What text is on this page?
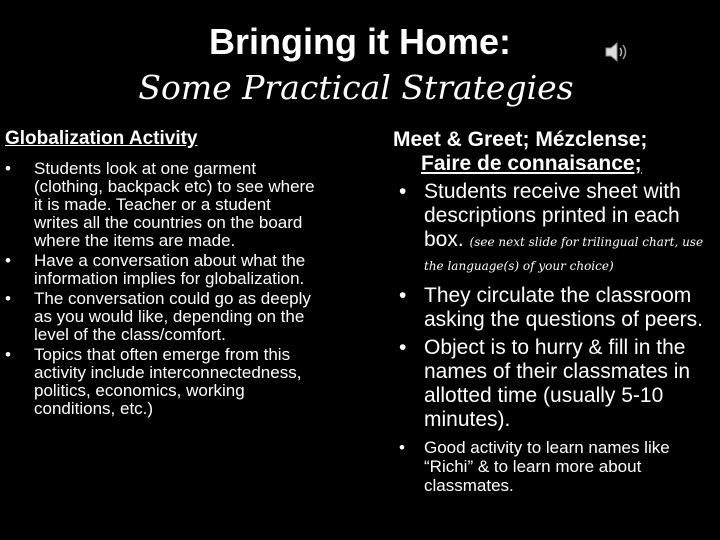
Bringing it Home:
Some Practical Strategies
Globalization Activity
• Students look at one garment (clothing, backpack etc) to see where it is made. Teacher or a student writes all the countries on the board where the items are made.
• Have a conversation about what the information implies for globalization.
• The conversation could go as deeply as you would like, depending on the level of the class/comfort.
• Topics that often emerge from this activity include interconnectedness, politics, economics, working conditions, etc.)
Meet & Greet; Mézclense;
Faire de connaisance;
• Students receive sheet with descriptions printed in each box. (see next slide for trilingual chart, use the language(s) of your choice)
• They circulate the classroom asking the questions of peers.
• Object is to hurry & fill in the names of their classmates in allotted time (usually 5-10 minutes).
• Good activity to learn names like “Richi” & to learn more about classmates.
